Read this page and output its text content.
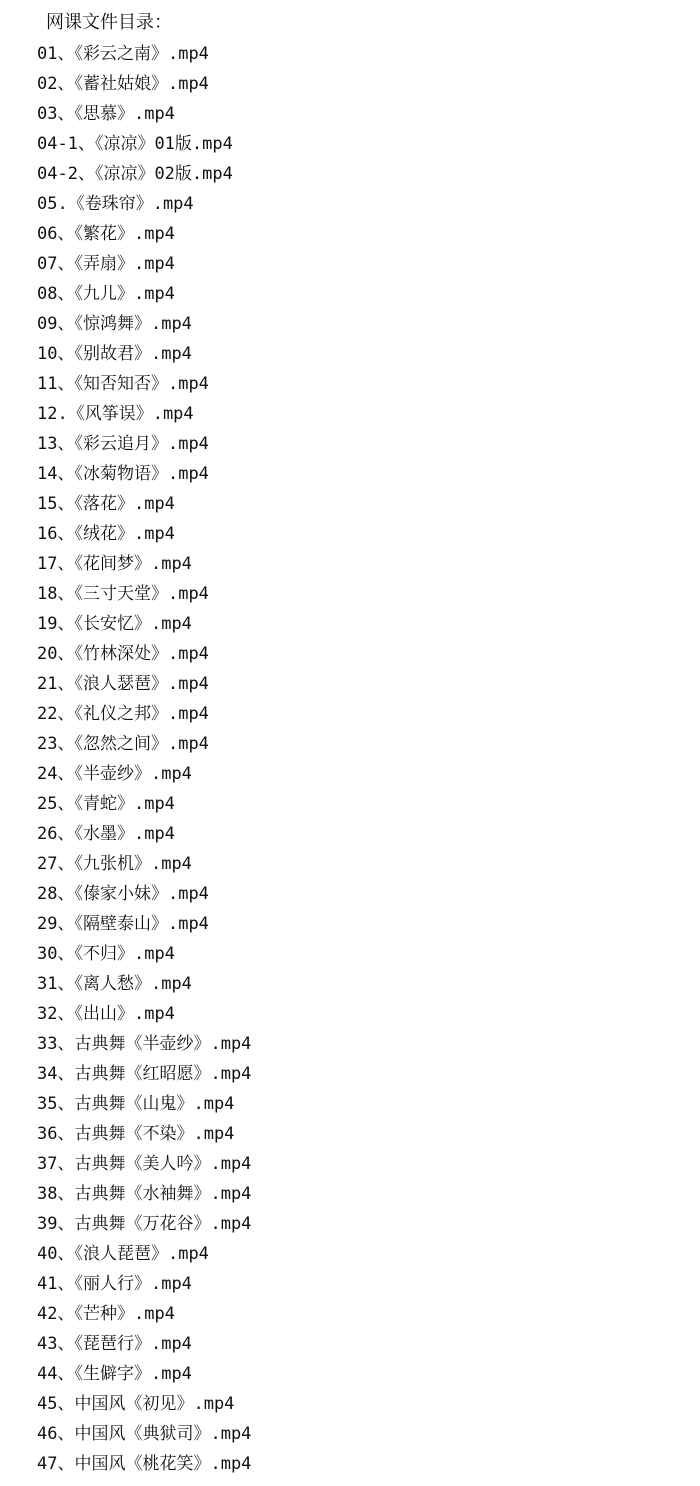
网课文件目录：
01、《彩云之南》.mp4
02、《蓄社姑娘》.mp4
03、《思慕》.mp4
04-1、《凉凉》01版.mp4
04-2、《凉凉》02版.mp4
05.《卷珠帘》.mp4
06、《繁花》.mp4
07、《弄扇》.mp4
08、《九儿》.mp4
09、《惊鸿舞》.mp4
10、《别故君》.mp4
11、《知否知否》.mp4
12.《风筝误》.mp4
13、《彩云追月》.mp4
14、《冰菊物语》.mp4
15、《落花》.mp4
16、《绒花》.mp4
17、《花间梦》.mp4
18、《三寸天堂》.mp4
19、《长安忆》.mp4
20、《竹林深处》.mp4
21、《浪人瑟琶》.mp4
22、《礼仪之邦》.mp4
23、《忽然之间》.mp4
24、《半壶纱》.mp4
25、《青蛇》.mp4
26、《水墨》.mp4
27、《九张机》.mp4
28、《傣家小妹》.mp4
29、《隔壁泰山》.mp4
30、《不归》.mp4
31、《离人愁》.mp4
32、《出山》.mp4
33、古典舞《半壶纱》.mp4
34、古典舞《红昭愿》.mp4
35、古典舞《山鬼》.mp4
36、古典舞《不染》.mp4
37、古典舞《美人吟》.mp4
38、古典舞《水袖舞》.mp4
39、古典舞《万花谷》.mp4
40、《浪人琵琶》.mp4
41、《丽人行》.mp4
42、《芒种》.mp4
43、《琵琶行》.mp4
44、《生僻字》.mp4
45、中国风《初见》.mp4
46、中国风《典狱司》.mp4
47、中国风《桃花笑》.mp4
